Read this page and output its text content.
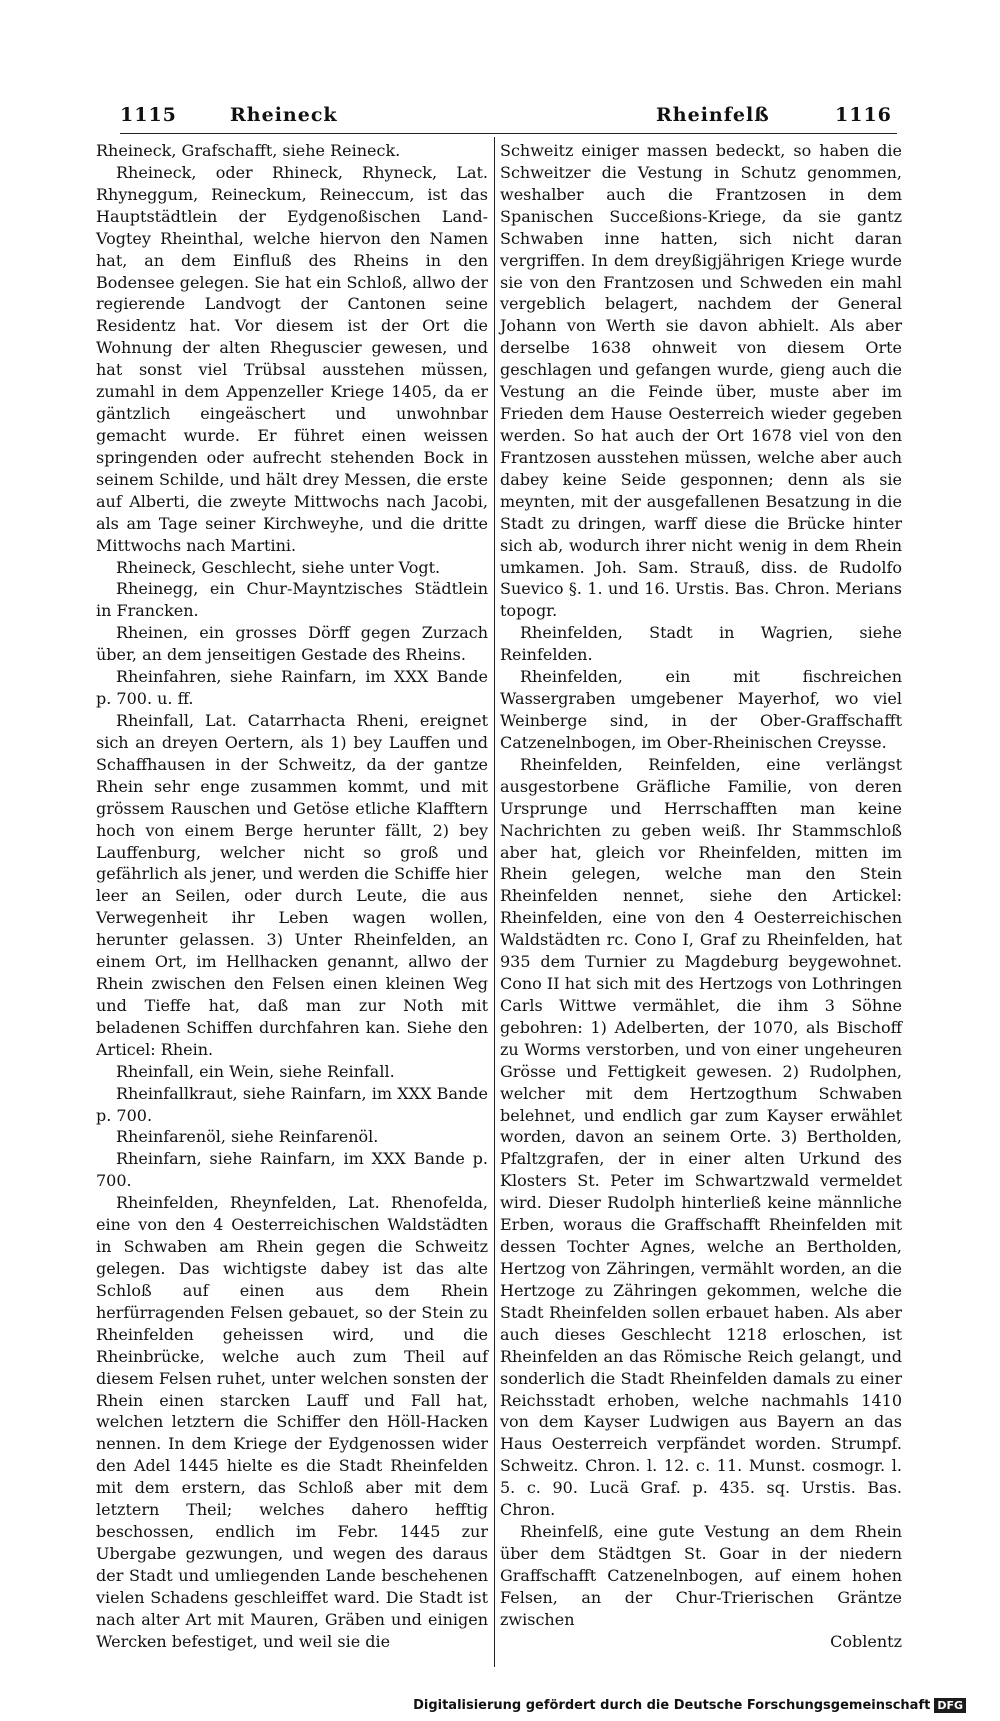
1115	Rheineck	Rheinfelß	1116

Rheineck, Grafschafft, siehe Reineck.

Rheineck, oder Rhineck, Rhyneck, Lat. Rhyneggum, Reineckum, Reineccum, ist das Hauptstädtlein der Eydgenoßischen Land-Vogtey Rheinthal, welche hiervon den Namen hat, an dem Einfluß des Rheins in den Bodensee gelegen. Sie hat ein Schloß, allwo der regierende Landvogt der Cantonen seine Residentz hat. Vor diesem ist der Ort die Wohnung der alten Rheguscier gewesen, und hat sonst viel Trübsal ausstehen müssen, zumahl in dem Appenzeller Kriege 1405, da er gäntzlich eingeäschert und unwohnbar gemacht wurde. Er führet einen weissen springenden oder aufrecht stehenden Bock in seinem Schilde, und hält drey Messen, die erste auf Alberti, die zweyte Mittwochs nach Jacobi, als am Tage seiner Kirchweyhe, und die dritte Mittwochs nach Martini.

Rheineck, Geschlecht, siehe unter Vogt.

Rheinegg, ein Chur-Mayntzisches Städtlein in Francken.

Rheinen, ein grosses Dörff gegen Zurzach über, an dem jenseitigen Gestade des Rheins.

Rheinfahren, siehe Rainfarn, im XXX Bande p. 700. u. ff.

Rheinfall, Lat. Catarrhacta Rheni, ereignet sich an dreyen Oertern, als 1) bey Lauffen und Schaffhausen in der Schweitz, da der gantze Rhein sehr enge zusammen kommt, und mit grössem Rauschen und Getöse etliche Klafftern hoch von einem Berge herunter fällt, 2) bey Lauffenburg, welcher nicht so groß und gefährlich als jener, und werden die Schiffe hier leer an Seilen, oder durch Leute, die aus Verwegenheit ihr Leben wagen wollen, herunter gelassen. 3) Unter Rheinfelden, an einem Ort, im Hellhacken genannt, allwo der Rhein zwischen den Felsen einen kleinen Weg und Tieffe hat, daß man zur Noth mit beladenen Schiffen durchfahren kan. Siehe den Articel: Rhein.

Rheinfall, ein Wein, siehe Reinfall.

Rheinfallkraut, siehe Rainfarn, im XXX Bande p. 700.

Rheinfarenöl, siehe Reinfarenöl.

Rheinfarn, siehe Rainfarn, im XXX Bande p. 700.

Rheinfelden, Rheynfelden, Lat. Rhenofelda, eine von den 4 Oesterreichischen Waldstädten in Schwaben am Rhein gegen die Schweitz gelegen. Das wichtigste dabey ist das alte Schloß auf einen aus dem Rhein herfürragenden Felsen gebauet, so der Stein zu Rheinfelden geheissen wird, und die Rheinbrücke, welche auch zum Theil auf diesem Felsen ruhet, unter welchen sonsten der Rhein einen starcken Lauff und Fall hat, welchen letztern die Schiffer den Höll-Hacken nennen. In dem Kriege der Eydgenossen wider den Adel 1445 hielte es die Stadt Rheinfelden mit dem erstern, das Schloß aber mit dem letztern Theil; welches dahero hefftig beschossen, endlich im Febr. 1445 zur Ubergabe gezwungen, und wegen des daraus der Stadt und umliegenden Lande beschehenen vielen Schadens geschleiffet ward. Die Stadt ist nach alter Art mit Mauren, Gräben und einigen Wercken befestiget, und weil sie die

Schweitz einiger massen bedeckt, so haben die Schweitzer die Vestung in Schutz genommen, weshalber auch die Frantzosen in dem Spanischen Succeßions-Kriege, da sie gantz Schwaben inne hatten, sich nicht daran vergriffen. In dem dreyßigjährigen Kriege wurde sie von den Frantzosen und Schweden ein mahl vergeblich belagert, nachdem der General Johann von Werth sie davon abhielt. Als aber derselbe 1638 ohnweit von diesem Orte geschlagen und gefangen wurde, gieng auch die Vestung an die Feinde über, muste aber im Frieden dem Hause Oesterreich wieder gegeben werden. So hat auch der Ort 1678 viel von den Frantzosen ausstehen müssen, welche aber auch dabey keine Seide gesponnen; denn als sie meynten, mit der ausgefallenen Besatzung in die Stadt zu dringen, warff diese die Brücke hinter sich ab, wodurch ihrer nicht wenig in dem Rhein umkamen. Joh. Sam. Strauß, diss. de Rudolfo Suevico §. 1. und 16. Urstis. Bas. Chron. Merians topogr.

Rheinfelden, Stadt in Wagrien, siehe Reinfelden.

Rheinfelden, ein mit fischreichen Wassergraben umgebener Mayerhof, wo viel Weinberge sind, in der Ober-Graffschafft Catzenelnbogen, im Ober-Rheinischen Creysse.

Rheinfelden, Reinfelden, eine verlängst ausgestorbene Gräfliche Familie, von deren Ursprunge und Herrschafften man keine Nachrichten zu geben weiß. Ihr Stammschloß aber hat, gleich vor Rheinfelden, mitten im Rhein gelegen, welche man den Stein Rheinfelden nennet, siehe den Artickel: Rheinfelden, eine von den 4 Oesterreichischen Waldstädten rc. Cono I, Graf zu Rheinfelden, hat 935 dem Turnier zu Magdeburg beygewohnet. Cono II hat sich mit des Hertzogs von Lothringen Carls Wittwe vermählet, die ihm 3 Söhne gebohren: 1) Adelberten, der 1070, als Bischoff zu Worms verstorben, und von einer ungeheuren Grösse und Fettigkeit gewesen. 2) Rudolphen, welcher mit dem Hertzogthum Schwaben belehnet, und endlich gar zum Kayser erwählet worden, davon an seinem Orte. 3) Bertholden, Pfaltzgrafen, der in einer alten Urkund des Klosters St. Peter im Schwartzwald vermeldet wird. Dieser Rudolph hinterließ keine männliche Erben, woraus die Graffschafft Rheinfelden mit dessen Tochter Agnes, welche an Bertholden, Hertzog von Zähringen, vermählt worden, an die Hertzoge zu Zähringen gekommen, welche die Stadt Rheinfelden sollen erbauet haben. Als aber auch dieses Geschlecht 1218 erloschen, ist Rheinfelden an das Römische Reich gelangt, und sonderlich die Stadt Rheinfelden damals zu einer Reichsstadt erhoben, welche nachmahls 1410 von dem Kayser Ludwigen aus Bayern an das Haus Oesterreich verpfändet worden. Strumpf. Schweitz. Chron. l. 12. c. 11. Munst. cosmogr. l. 5. c. 90. Lucä Graf. p. 435. sq. Urstis. Bas. Chron.

Rheinfelß, eine gute Vestung an dem Rhein über dem Städtgen St. Goar in der niedern Graffschafft Catzenelnbogen, auf einem hohen Felsen, an der Chur-Trierischen Gräntze zwischen

Coblentz

Digitalisierung gefördert durch die Deutsche Forschungsgemeinschaft DFG
